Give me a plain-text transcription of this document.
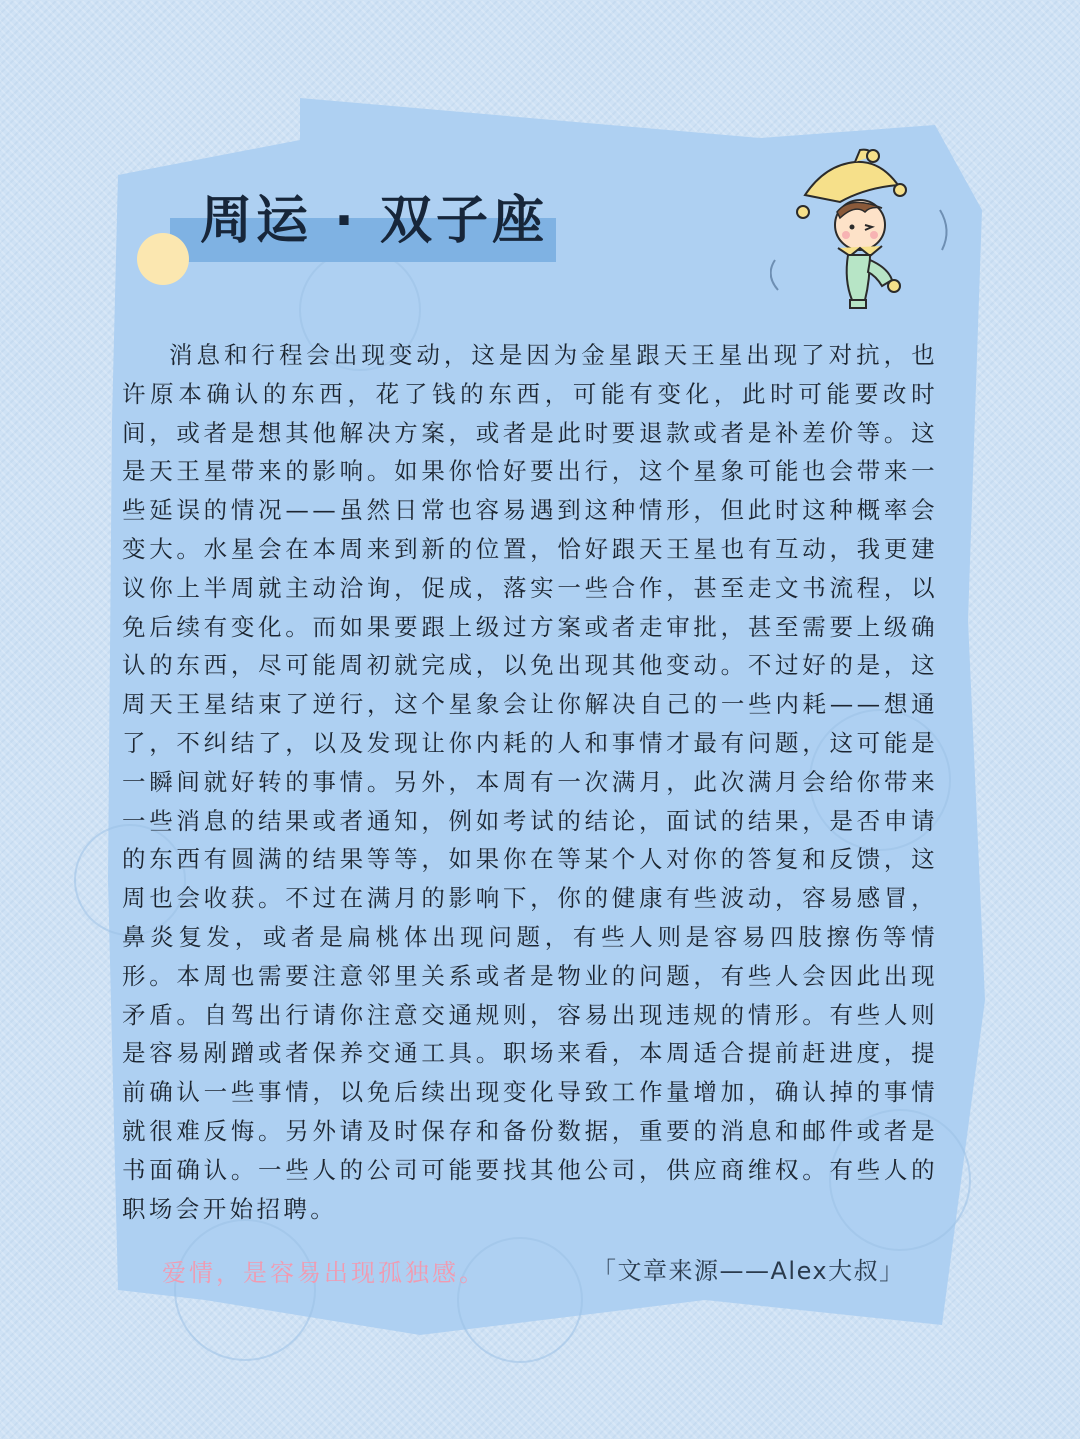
周运 · 双子座

消息和行程会出现变动，这是因为金星跟天王星出现了对抗，也许原本确认的东西，花了钱的东西，可能有变化，此时可能要改时间，或者是想其他解决方案，或者是此时要退款或者是补差价等。这是天王星带来的影响。如果你恰好要出行，这个星象可能也会带来一些延误的情况——虽然日常也容易遇到这种情形，但此时这种概率会变大。水星会在本周来到新的位置，恰好跟天王星也有互动，我更建议你上半周就主动洽询，促成，落实一些合作，甚至走文书流程，以免后续有变化。而如果要跟上级过方案或者走审批，甚至需要上级确认的东西，尽可能周初就完成，以免出现其他变动。不过好的是，这周天王星结束了逆行，这个星象会让你解决自己的一些内耗——想通了，不纠结了，以及发现让你内耗的人和事情才最有问题，这可能是一瞬间就好转的事情。另外，本周有一次满月，此次满月会给你带来一些消息的结果或者通知，例如考试的结论，面试的结果，是否申请的东西有圆满的结果等等，如果你在等某个人对你的答复和反馈，这周也会收获。不过在满月的影响下，你的健康有些波动，容易感冒，鼻炎复发，或者是扁桃体出现问题，有些人则是容易四肢擦伤等情形。本周也需要注意邻里关系或者是物业的问题，有些人会因此出现矛盾。自驾出行请你注意交通规则，容易出现违规的情形。有些人则是容易剐蹭或者保养交通工具。职场来看，本周适合提前赶进度，提前确认一些事情，以免后续出现变化导致工作量增加，确认掉的事情就很难反悔。另外请及时保存和备份数据，重要的消息和邮件或者是书面确认。一些人的公司可能要找其他公司，供应商维权。有些人的职场会开始招聘。

爱情，是容易出现孤独感。	「文章来源——Alex大叔」
